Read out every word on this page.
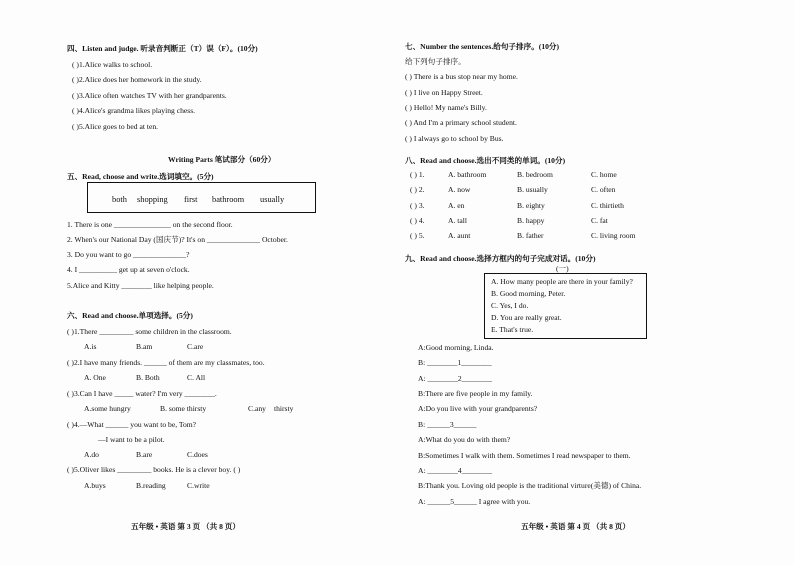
四、Listen and judge. 听录音判断正（T）误（F）。(10分)
( )1.Alice walks to school.
( )2.Alice does her homework in the study.
( )3.Alice often watches TV with her grandparents.
( )4.Alice's grandma likes playing chess.
( )5.Alice goes to bed at ten.
Writing Parts 笔试部分（60分）
五、Read, choose and write.选词填空。(5分)
both shopping first bathroom usually
1. There is one _______________ on the second floor.
2. When's our National Day (国庆节)? It's on ______________ October.
3. Do you want to go ______________?
4. I __________ get up at seven o'clock.
5.Alice and Kitty ________ like helping people.
六、Read and choose.单项选择。(5分)
( )1.There _________ some children in the classroom.
A.is	B.am	C.are
( )2.I have many friends. ______ of them are my classmates, too.
A. One	B. Both	C. All
( )3.Can I have _____ water? I'm very ________.
A.some hungry	B. some thirsty	C.any thirsty
( )4.—What ______ you want to be, Tom?
—I want to be a pilot.
A.do	B.are	C.does
( )5.Oliver likes _________ books. He is a clever boy. ( )
A.buys	B.reading	C.write
五年级 • 英语 第 3 页 （共 8 页）
七、Number the sentences.给句子排序。(10分)
给下列句子排序。
( ) There is a bus stop near my home.
( ) I live on Happy Street.
( ) Hello! My name's Billy.
( ) And I'm a primary school student.
( ) I always go to school by Bus.
八、Read and choose.选出不同类的单词。(10分)
( ) 1.	A. bathroom	B. bedroom	C. home
( ) 2.	A. now	B. usually	C. often
( ) 3.	A. en	B. eighty	C. thirtieth
( ) 4.	A. tall	B. happy	C. fat
( ) 5.	A. aunt	B. father	C. living room
九、Read and choose.选择方框内的句子完成对话。(10分)
(一)
A. How many people are there in your family?
B. Good morning, Peter.
C. Yes, I do.
D. You are really great.
E. That's true.
A:Good morning, Linda.
B: ________1________
A: ________2________
B:There are five people in my family.
A:Do you live with your grandparents?
B: ______3______
A:What do you do with them?
B:Sometimes I walk with them. Sometimes I read newspaper to them.
A: ________4________
B:Thank you. Loving old people is the traditional virture(美德) of China.
A: ______5______ I agree with you.
五年级 • 英语 第 4 页 （共 8 页）
